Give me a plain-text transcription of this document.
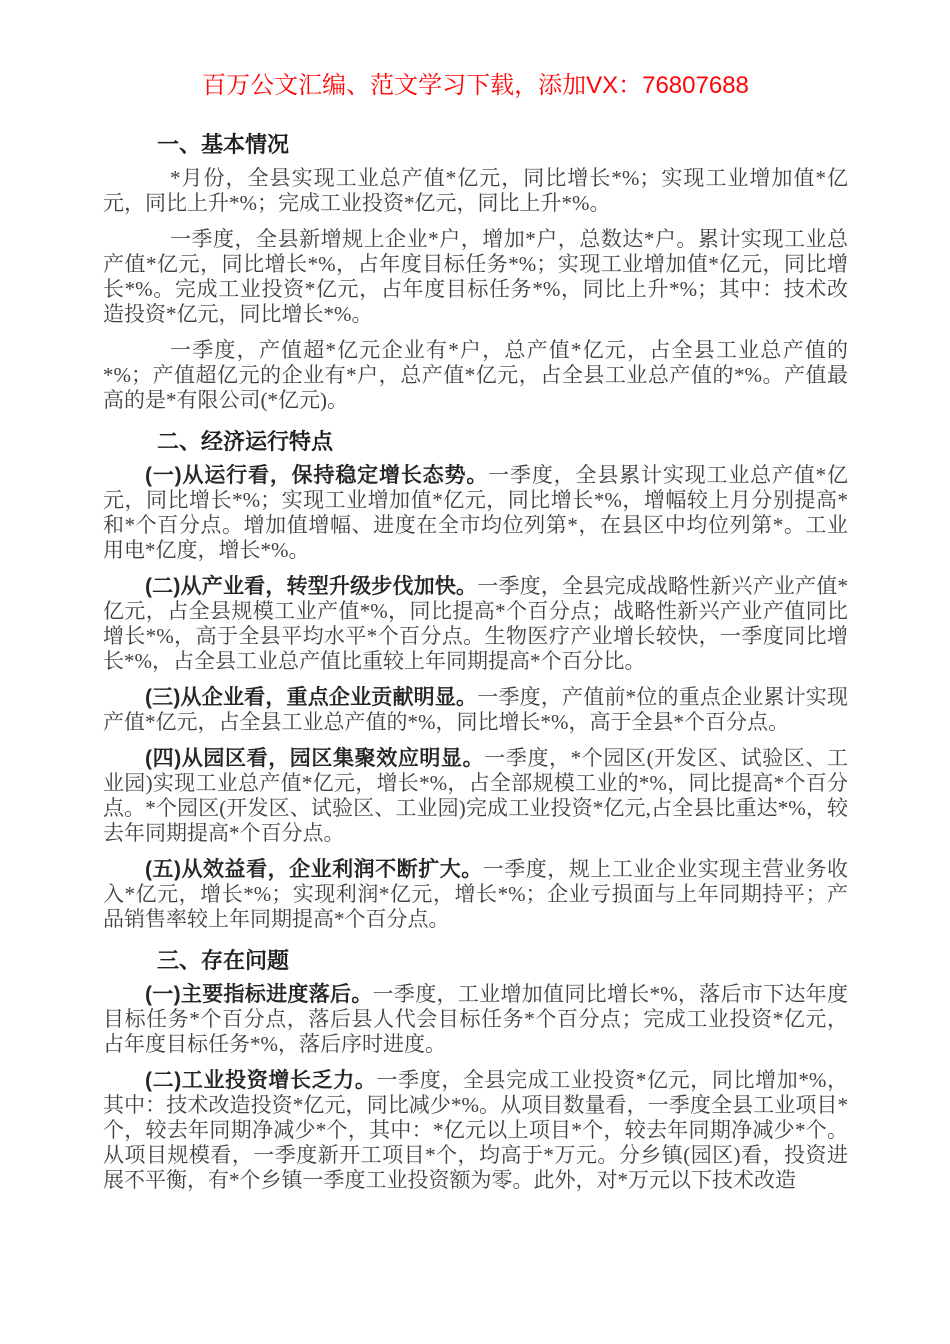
百万公文汇编、范文学习下载，添加VX：76807688

一、基本情况

*月份，全县实现工业总产值*亿元，同比增长*%；实现工业增加值*亿元，同比上升*%；完成工业投资*亿元，同比上升*%。

一季度，全县新增规上企业*户，增加*户，总数达*户。累计实现工业总产值*亿元，同比增长*%，占年度目标任务*%；实现工业增加值*亿元，同比增长*%。完成工业投资*亿元，占年度目标任务*%，同比上升*%；其中：技术改造投资*亿元，同比增长*%。

一季度，产值超*亿元企业有*户，总产值*亿元，占全县工业总产值的*%；产值超亿元的企业有*户，总产值*亿元，占全县工业总产值的*%。产值最高的是*有限公司(*亿元)。

二、经济运行特点

(一)从运行看，保持稳定增长态势。一季度，全县累计实现工业总产值*亿元，同比增长*%；实现工业增加值*亿元，同比增长*%，增幅较上月分别提高*和*个百分点。增加值增幅、进度在全市均位列第*，在县区中均位列第*。工业用电*亿度，增长*%。

(二)从产业看，转型升级步伐加快。一季度，全县完成战略性新兴产业产值*亿元，占全县规模工业产值*%，同比提高*个百分点；战略性新兴产业产值同比增长*%，高于全县平均水平*个百分点。生物医疗产业增长较快，一季度同比增长*%，占全县工业总产值比重较上年同期提高*个百分比。

(三)从企业看，重点企业贡献明显。一季度，产值前*位的重点企业累计实现产值*亿元，占全县工业总产值的*%，同比增长*%，高于全县*个百分点。

(四)从园区看，园区集聚效应明显。一季度，*个园区(开发区、试验区、工业园)实现工业总产值*亿元，增长*%，占全部规模工业的*%，同比提高*个百分点。*个园区(开发区、试验区、工业园)完成工业投资*亿元,占全县比重达*%，较去年同期提高*个百分点。

(五)从效益看，企业利润不断扩大。一季度，规上工业企业实现主营业务收入*亿元，增长*%；实现利润*亿元，增长*%；企业亏损面与上年同期持平；产品销售率较上年同期提高*个百分点。

三、存在问题

(一)主要指标进度落后。一季度，工业增加值同比增长*%，落后市下达年度目标任务*个百分点，落后县人代会目标任务*个百分点；完成工业投资*亿元，占年度目标任务*%，落后序时进度。

(二)工业投资增长乏力。一季度，全县完成工业投资*亿元，同比增加*%，其中：技术改造投资*亿元，同比减少*%。从项目数量看，一季度全县工业项目*个，较去年同期净减少*个，其中：*亿元以上项目*个，较去年同期净减少*个。从项目规模看，一季度新开工项目*个，均高于*万元。分乡镇(园区)看，投资进展不平衡，有*个乡镇一季度工业投资额为零。此外，对*万元以下技术改造
